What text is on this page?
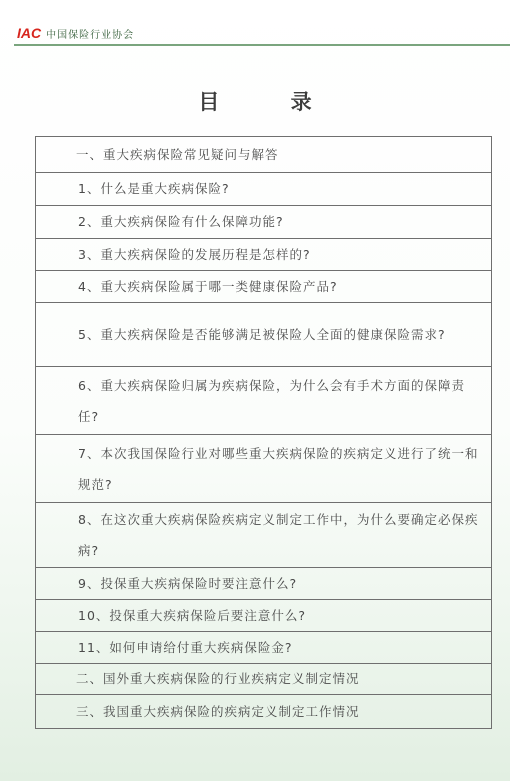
IAC 中国保险行业协会
目 录
一、重大疾病保险常见疑问与解答
1、什么是重大疾病保险?
2、重大疾病保险有什么保障功能?
3、重大疾病保险的发展历程是怎样的?
4、重大疾病保险属于哪一类健康保险产品?
5、重大疾病保险是否能够满足被保险人全面的健康保险需求?
6、重大疾病保险归属为疾病保险，为什么会有手术方面的保障责任?
7、本次我国保险行业对哪些重大疾病保险的疾病定义进行了统一和规范?
8、在这次重大疾病保险疾病定义制定工作中，为什么要确定必保疾病?
9、投保重大疾病保险时要注意什么?
10、投保重大疾病保险后要注意什么?
11、如何申请给付重大疾病保险金?
二、国外重大疾病保险的行业疾病定义制定情况
三、我国重大疾病保险的疾病定义制定工作情况
